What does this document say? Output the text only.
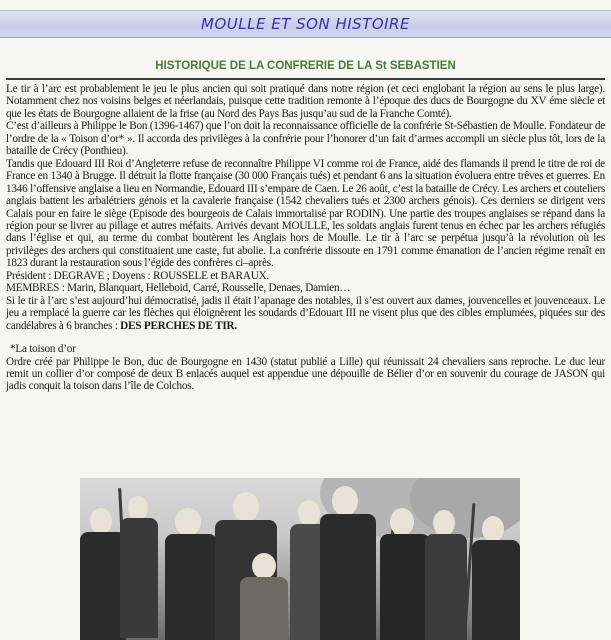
MOULLE ET SON HISTOIRE
HISTORIQUE DE LA CONFRERIE DE LA St SEBASTIEN

Le tir à l’arc est probablement le jeu le plus ancien qui soit pratiqué dans notre région (et ceci englobant la région au sens le plus large). Notamment chez nos voisins belges et néerlandais, puisque cette tradition remonte à l’époque des ducs de Bourgogne du XV éme siècle et que les états de Bourgogne allaient de la frise (au Nord des Pays Bas jusqu’au sud de la Franche Comté).

C’est d’ailleurs à Philippe le Bon (1396-1467) que l’on doit la reconnaissance officielle de la confrérie St-Sébastien de Moulle. Fondateur de l’ordre de la « Toison d’or* ». Il accorda des privilèges à la confrérie pour l’honorer d’un fait d’armes accompli un siècle plus tôt, lors de la bataille de Crécy (Ponthieu).

Tandis que Edouard III Roi d’Angleterre refuse de reconnaître Philippe VI comme roi de France, aidé des flamands il prend le titre de roi de France en 1340 à Brugge. Il détruit la flotte française (30 000 Français tués) et pendant 6 ans la situation évoluera entre trêves et guerres. En 1346 l’offensive anglaise a lieu en Normandie, Edouard III s’empare de Caen. Le 26 août, c’est la bataille de Crécy. Les archers et couteliers anglais battent les arbalétriers génois et la cavalerie française (1542 chevaliers tués et 2300 archers génois). Ces derniers se dirigent vers Calais pour en faire le siège (Episode des bourgeois de Calais immortalisé par RODIN). Une partie des troupes anglaises se répand dans la région pour se livrer au pillage et autres méfaits. Arrivés devant MOULLE, les soldats anglais furent tenus en échec par les archers réfugiés dans l’église et qui, au terme du combat boutèrent les Anglais hors de Moulle. Le tir à l’arc se perpétua jusqu’à la révolution où les privilèges des archers qui constituaient une caste, fut abolie. La confrérie dissoute en 1791 comme émanation de l’ancien régime renaît en 1823 durant la restauration sous l’égide des confrères ci–après.

Président : DEGRAVE ; Doyens : ROUSSELE et BARAUX.

MEMBRES : Marin, Blanquart, Helleboid, Carré, Rousselle, Denaes, Damien…

Si le tir à l’arc s’est aujourd’hui démocratisé, jadis il était l’apanage des notables, il s’est ouvert aux dames, jouvencelles et jouvenceaux. Le jeu a remplacé la guerre car les flèches qui éloignèrent les soudards d’Edouart III ne visent plus que des cibles emplumées, piquées sur des candélabres à 6 branches : DES PERCHES DE TIR.

*La toison d’or

Ordre créé par Philippe le Bon, duc de Bourgogne en 1430 (statut publié a Lille) qui réunissait 24 chevaliers sans reproche. Le duc leur remit un collier d’or composé de deux B enlacés auquel est appendue une dépouille de Bélier d’or en souvenir du courage de JASON qui jadis conquit la toison dans l’île de Colchos.
